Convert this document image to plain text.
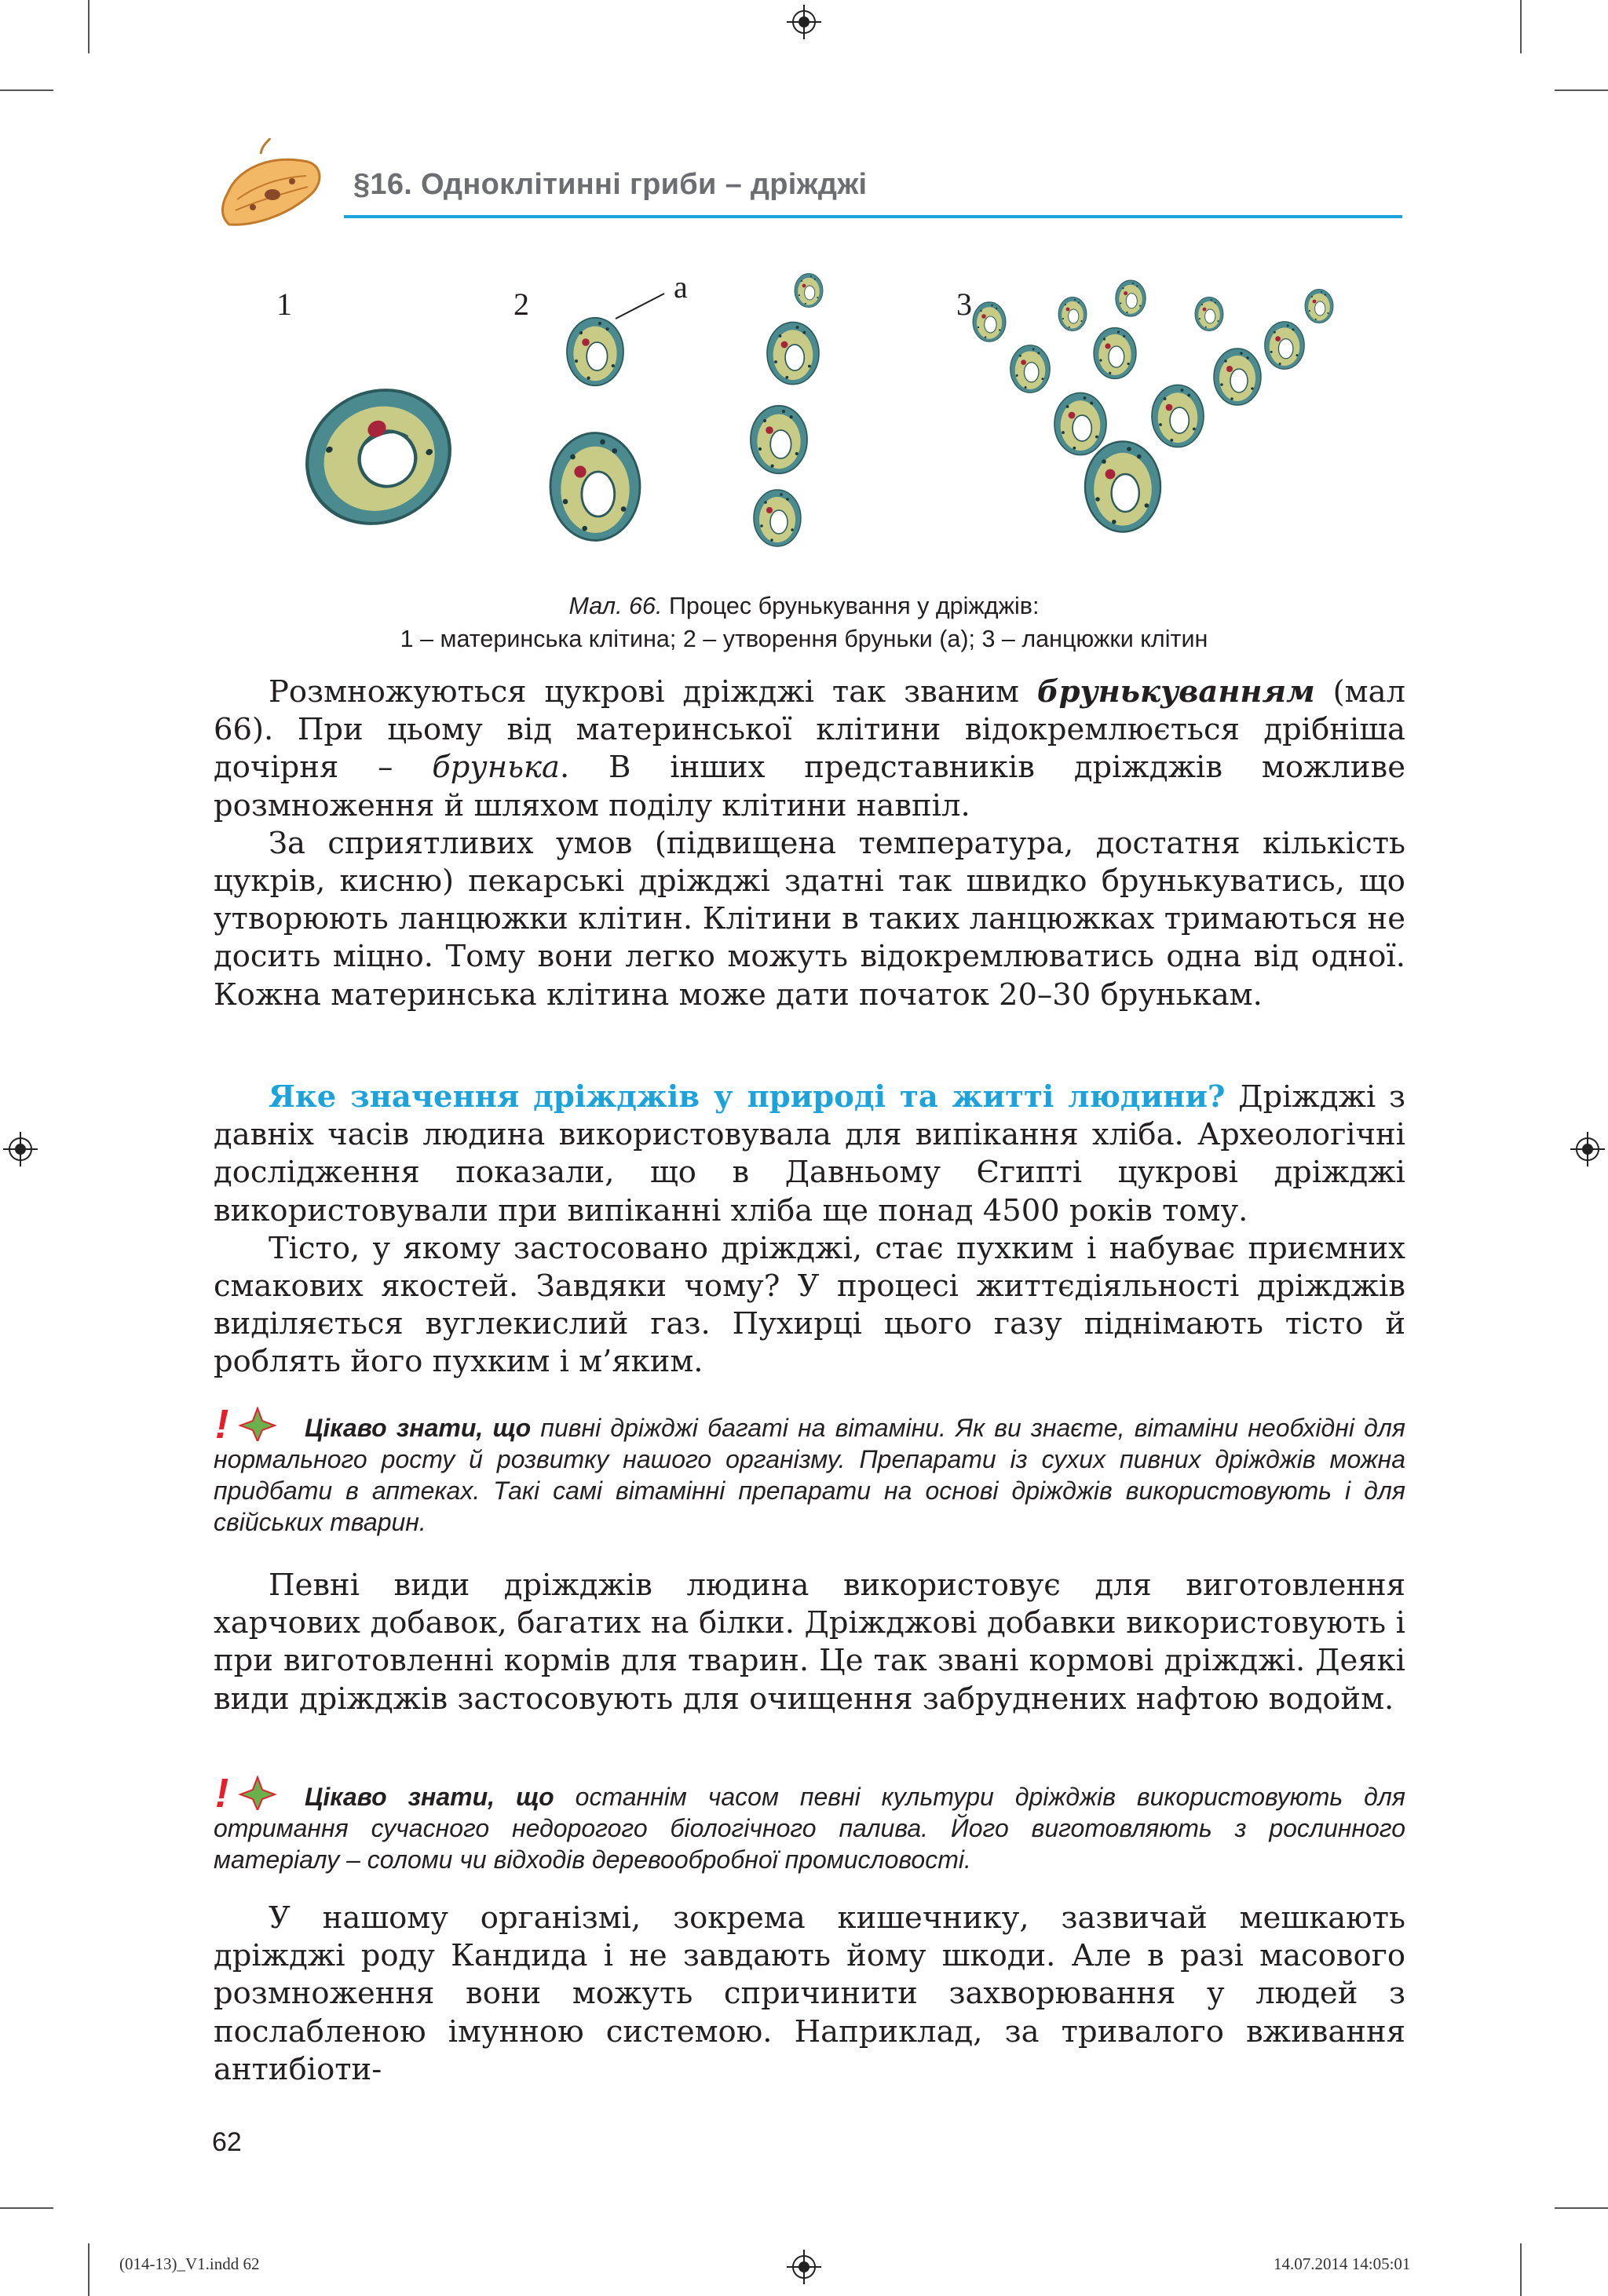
§16. Одноклітинні гриби – дріжджі
1	2	а	3
Мал. 66. Процес брунькування у дріжджів:
1 – материнська клітина; 2 – утворення бруньки (а); 3 – ланцюжки клітин

Розмножуються цукрові дріжджі так званим брунькуванням (мал 66). При цьому від материнської клітини відокремлюється дрібніша дочірня – брунька. В інших представників дріжджів можливе розмноження й шляхом поділу клітини навпіл.

За сприятливих умов (підвищена температура, достатня кількість цукрів, кисню) пекарські дріжджі здатні так швидко брунькуватись, що утворюють ланцюжки клітин. Клітини в таких ланцюжках тримаються не досить міцно. Тому вони легко можуть відокремлюватись одна від одної. Кожна материнська клітина може дати початок 20–30 брунькам.

Яке значення дріжджів у природі та житті людини? Дріжджі з давніх часів людина використовувала для випікання хліба. Археологічні дослідження показали, що в Давньому Єгипті цукрові дріжджі використовували при випіканні хліба ще понад 4500 років тому.

Тісто, у якому застосовано дріжджі, стає пухким і набуває приємних смакових якостей. Завдяки чому? У процесі життєдіяльності дріжджів виділяється вуглекислий газ. Пухирці цього газу піднімають тісто й роблять його пухким і м’яким.

!	Цікаво знати, що пивні дріжджі багаті на вітаміни. Як ви знаєте, вітаміни необхідні для нормального росту й розвитку нашого організму. Препарати із сухих пивних дріжджів можна придбати в аптеках. Такі самі вітамінні препарати на основі дріжджів використовують і для свійських тварин.

Певні види дріжджів людина використовує для виготовлення харчових добавок, багатих на білки. Дріжджові добавки використовують і при виготовленні кормів для тварин. Це так звані кормові дріжджі. Деякі види дріжджів застосовують для очищення забруднених нафтою водойм.

!	Цікаво знати, що останнім часом певні культури дріжджів використовують для отримання сучасного недорогого біологічного палива. Його виготовляють з рослинного матеріалу – соломи чи відходів деревообробної промисловості.

У нашому організмі, зокрема кишечнику, зазвичай мешкають дріжджі роду Кандида і не завдають йому шкоди. Але в разі масового розмноження вони можуть спричинити захворювання у людей з послабленою імунною системою. Наприклад, за тривалого вживання антибіоти-

62
(014-13)_V1.indd 62	14.07.2014 14:05:01
